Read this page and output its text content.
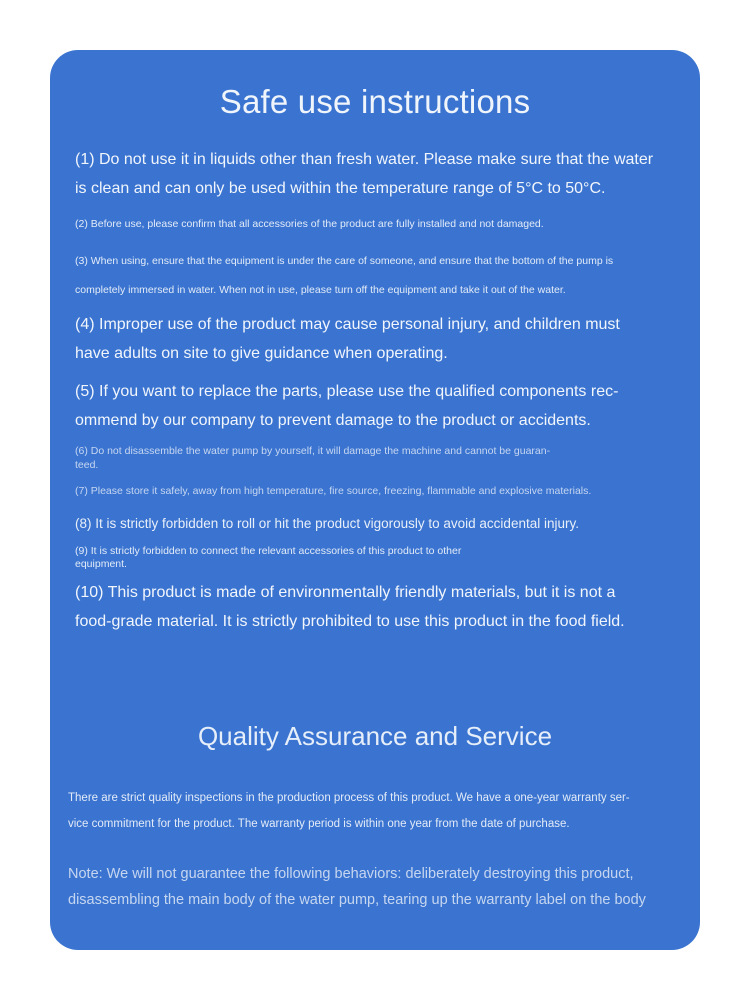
Safe use instructions

(1) Do not use it in liquids other than fresh water. Please make sure that the water
is clean and can only be used within the temperature range of 5°C to 50°C.

(2) Before use, please confirm that all accessories of the product are fully installed and not damaged.

(3) When using, ensure that the equipment is under the care of someone, and ensure that the bottom of the pump is
completely immersed in water. When not in use, please turn off the equipment and take it out of the water.

(4) Improper use of the product may cause personal injury, and children must
have adults on site to give guidance when operating.

(5) If you want to replace the parts, please use the qualified components rec-
ommend by our company to prevent damage to the product or accidents.

(6) Do not disassemble the water pump by yourself, it will damage the machine and cannot be guaran-
teed.

(7) Please store it safely, away from high temperature, fire source, freezing, flammable and explosive materials.

(8) It is strictly forbidden to roll or hit the product vigorously to avoid accidental injury.

(9) It is strictly forbidden to connect the relevant accessories of this product to other
equipment.

(10) This product is made of environmentally friendly materials, but it is not a
food-grade material. It is strictly prohibited to use this product in the food field.

Quality Assurance and Service

There are strict quality inspections in the production process of this product. We have a one-year warranty ser-
vice commitment for the product. The warranty period is within one year from the date of purchase.

Note: We will not guarantee the following behaviors: deliberately destroying this product,
disassembling the main body of the water pump, tearing up the warranty label on the body
